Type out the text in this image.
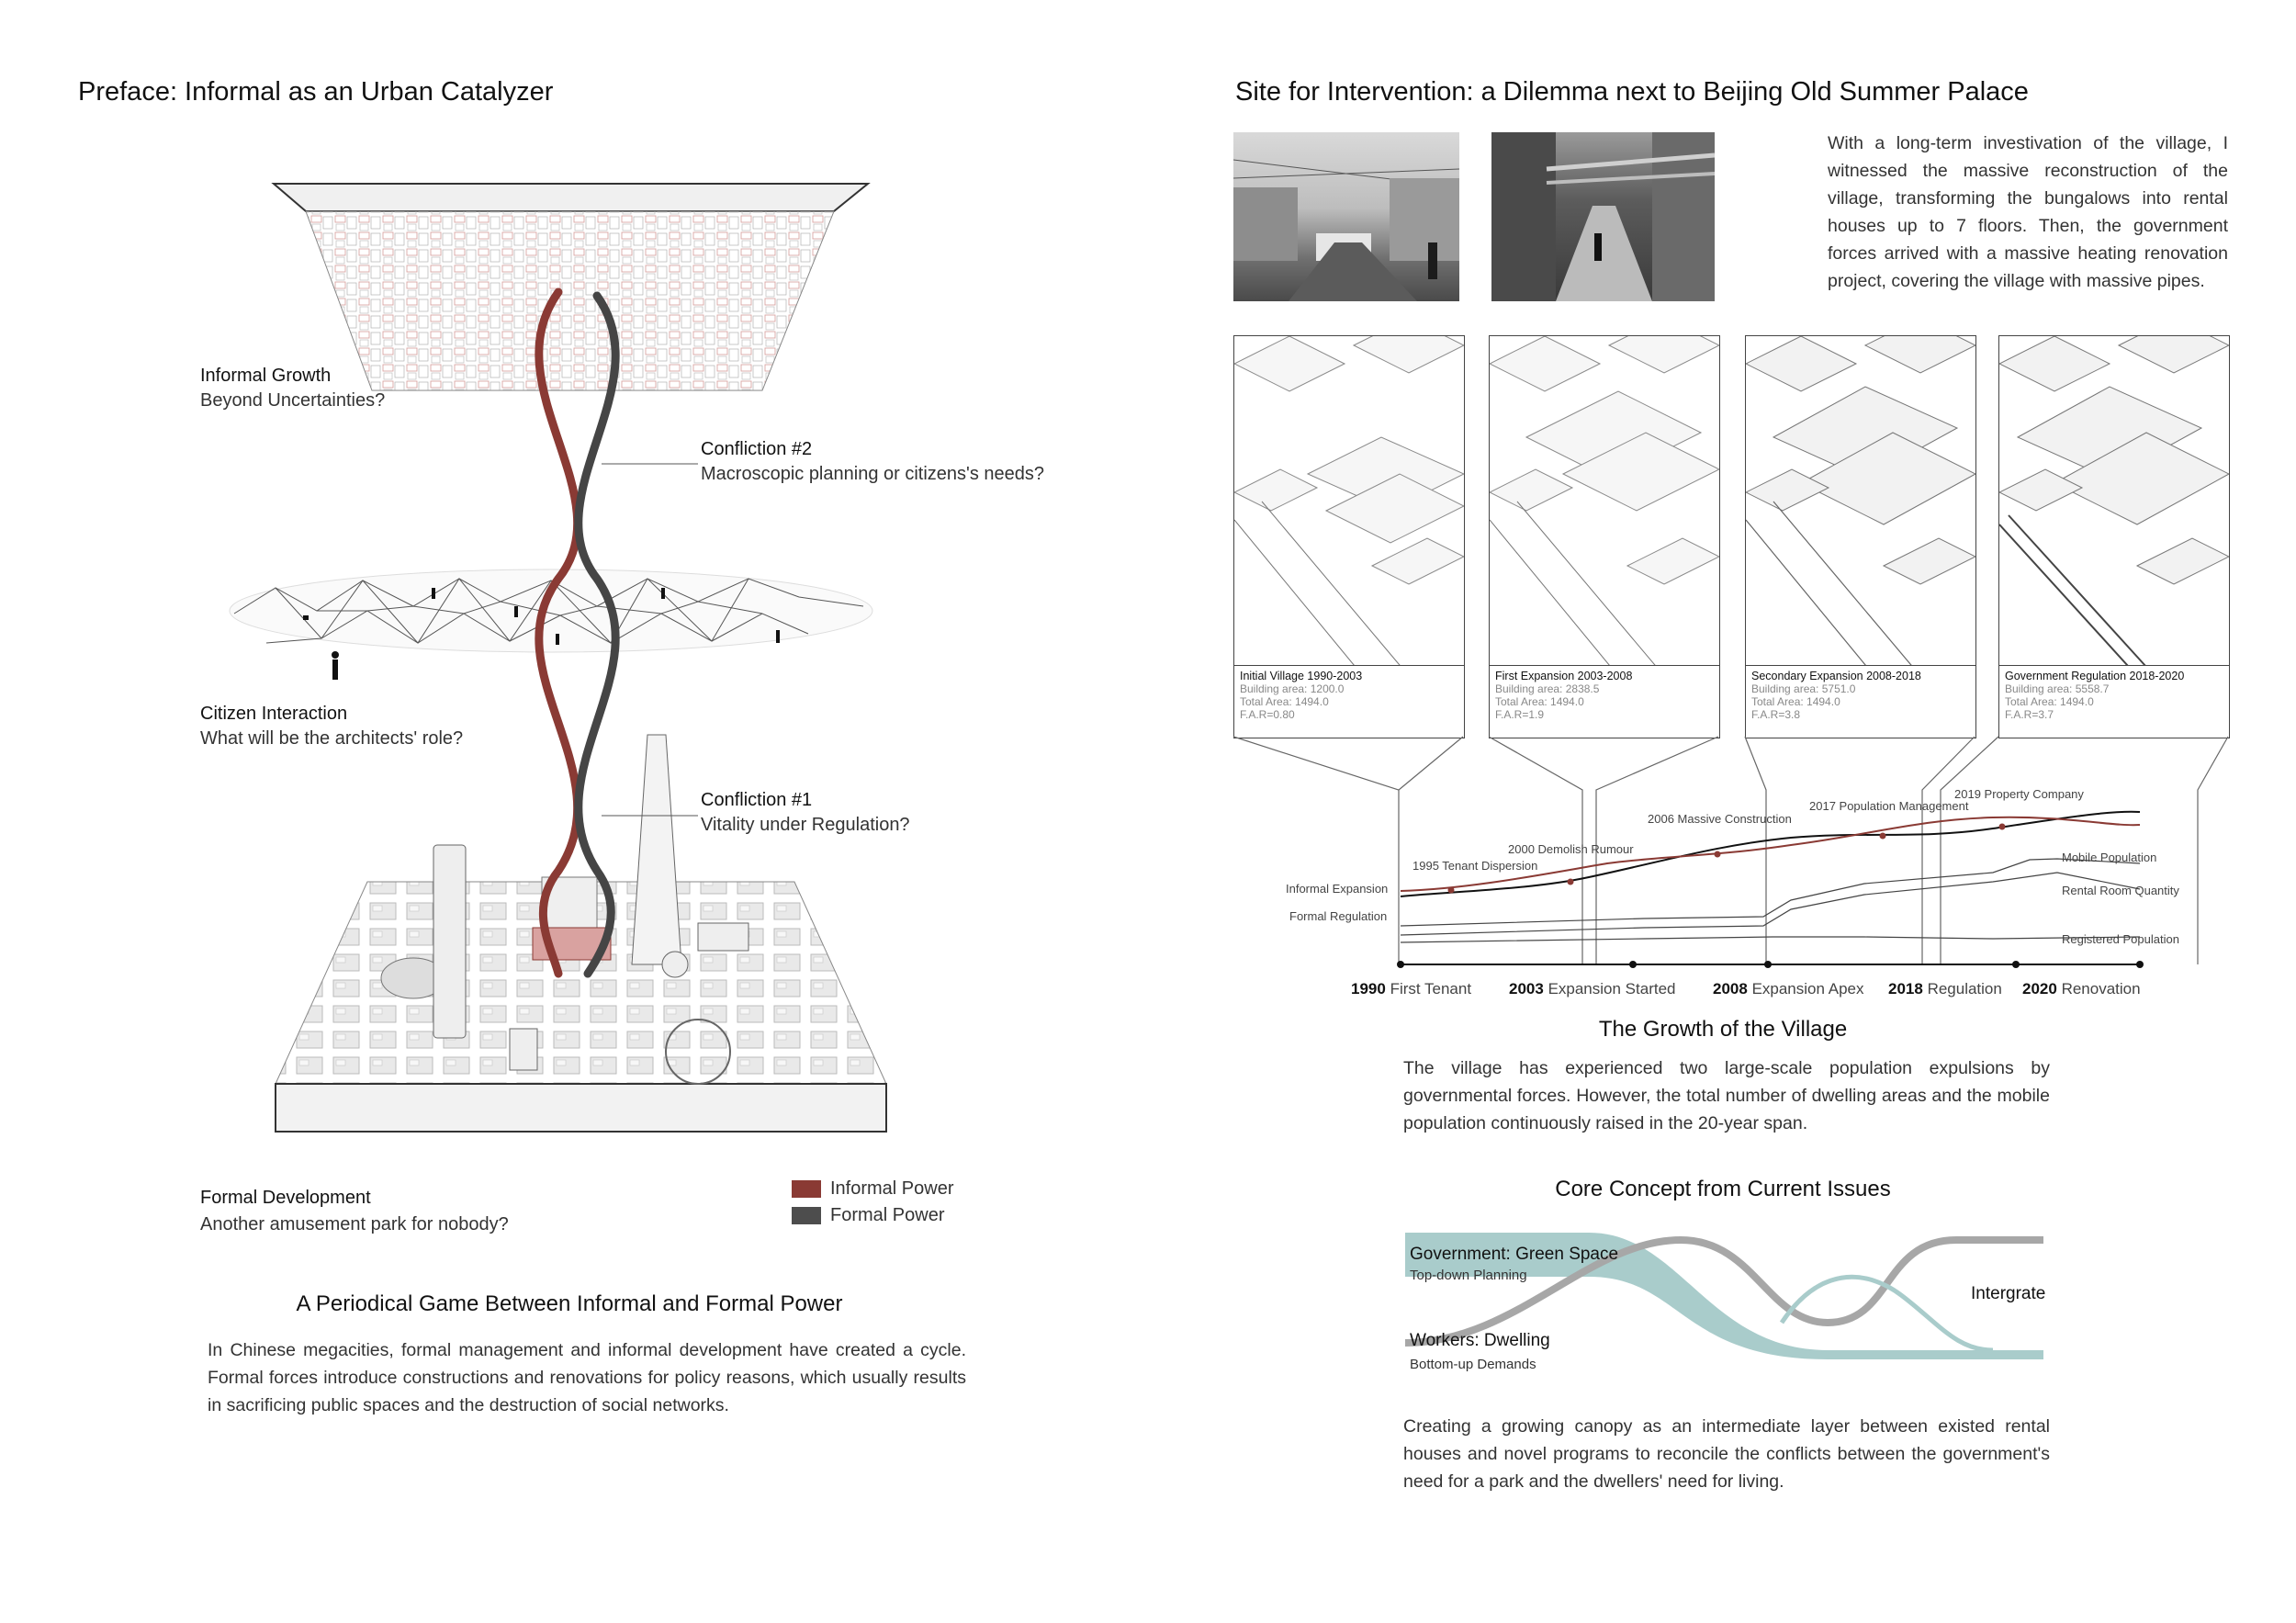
Preface: Informal as an Urban Catalyzer
Informal Growth
Beyond Uncertainties?
Citizen Interaction
What will be the architects' role?
Formal Development
Another amusement park for nobody?
Confliction #2
Macroscopic planning or citizens's needs?
Confliction #1
Vitality under Regulation?
Informal Power
Formal Power
A Periodical Game Between Informal and Formal Power
In Chinese megacities, formal management and informal development have created a cycle. Formal forces introduce constructions and renovations for policy reasons, which usually results in sacrificing public spaces and the destruction of social networks.
Site for Intervention: a Dilemma next to Beijing Old Summer Palace
With a long-term investivation of the village, I witnessed the massive reconstruction of the village, transforming the bungalows into rental houses up to 7 floors. Then, the government forces arrived with a massive heating renovation project, covering the village with massive pipes.
Initial Village 1990-2003
Building area: 1200.0
Total Area: 1494.0
F.A.R=0.80
First Expansion 2003-2008
Building area: 2838.5
Total Area: 1494.0
F.A.R=1.9
Secondary Expansion 2008-2018
Building area: 5751.0
Total Area: 1494.0
F.A.R=3.8
Government Regulation 2018-2020
Building area: 5558.7
Total Area: 1494.0
F.A.R=3.7
1995 Tenant Dispersion
2000 Demolish Rumour
2006 Massive Construction
2017 Population Management
2019 Property Company
Informal Expansion
Formal Regulation
Mobile Population
Rental Room Quantity
Registered Population
1990 First Tenant 2003 Expansion Started 2008 Expansion Apex 2018 Regulation 2020 Renovation
The Growth of the Village
The village has experienced two large-scale population expulsions by governmental forces. However, the total number of dwelling areas and the mobile population continuously raised in the 20-year span.
Core Concept from Current Issues
Government: Green Space
Top-down Planning
Workers: Dwelling
Bottom-up Demands
Intergrate
Creating a growing canopy as an intermediate layer between existed rental houses and novel programs to reconcile the conflicts between the government's need for a park and the dwellers' need for living.
